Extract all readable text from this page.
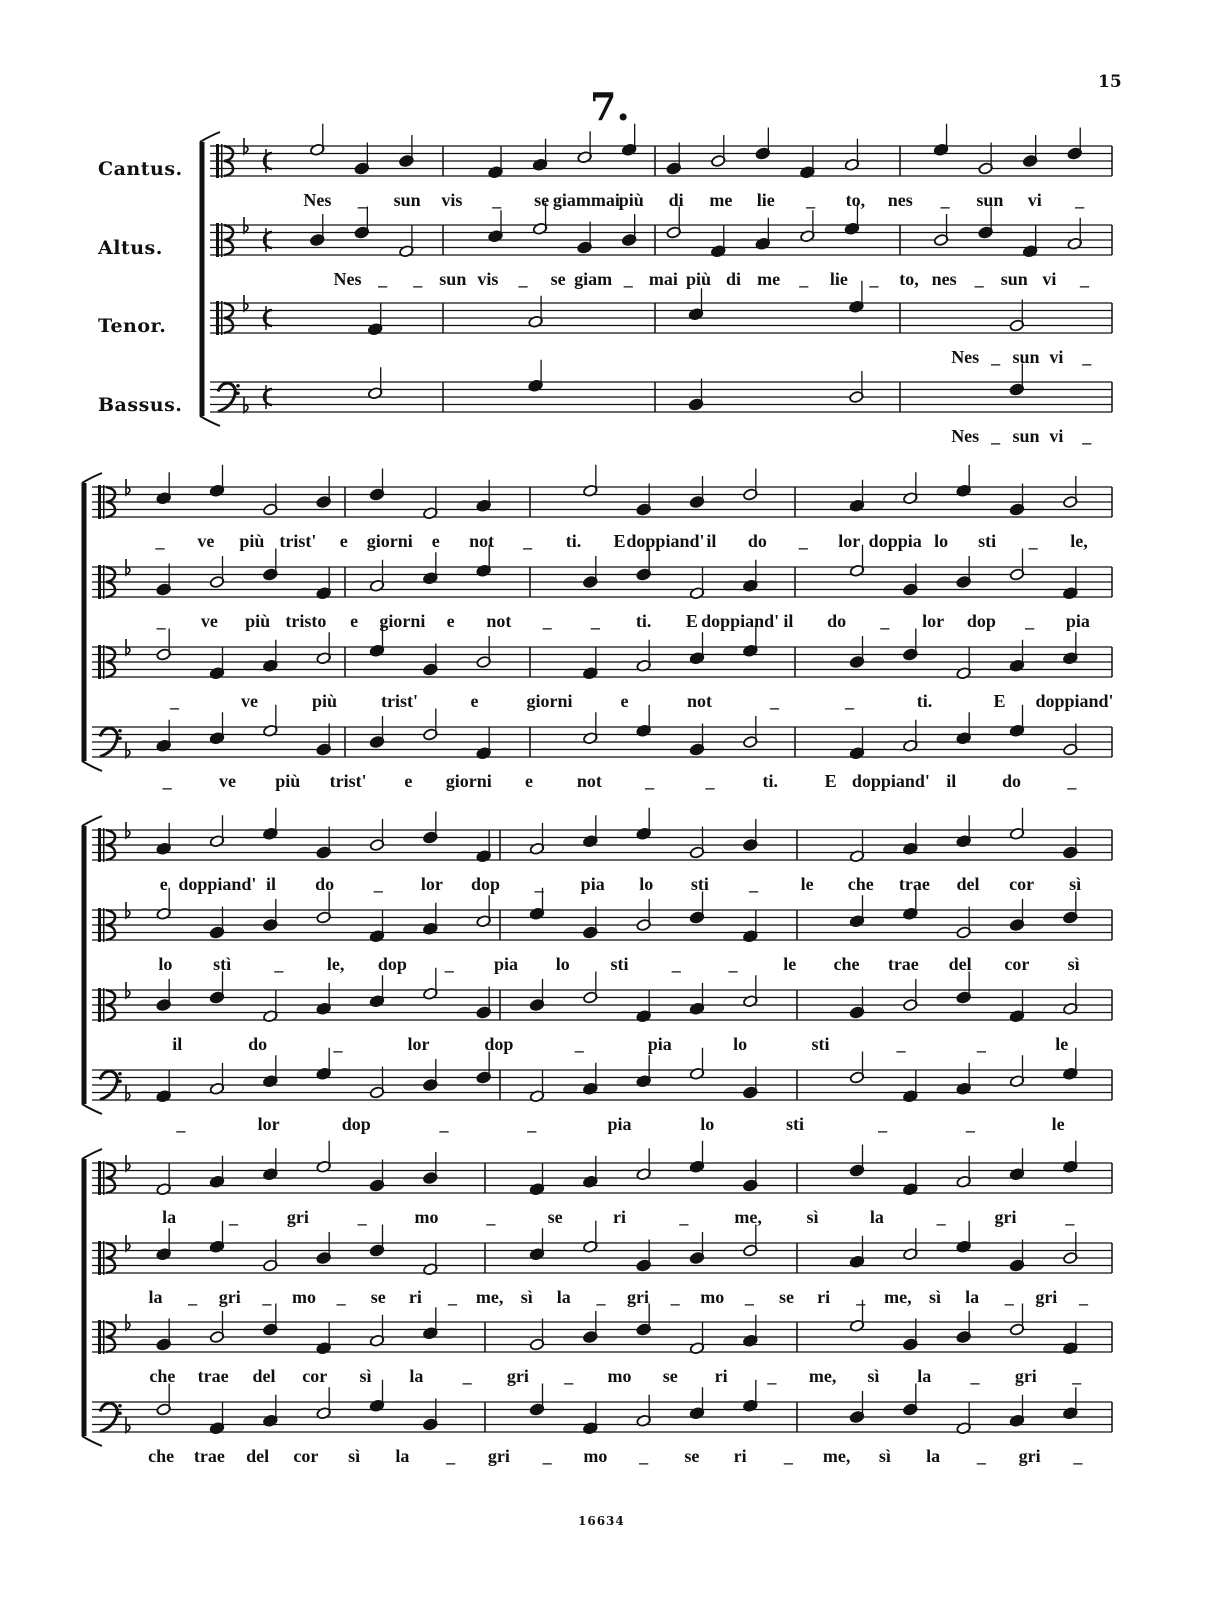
15
7.
Cantus.
Altus.
Tenor.
Bassus.
Nes _ sun vis _ se giammai
più di me lie _ to, nes _ sun vi _
Nes _ _ sun vis _ se giam _ mai più di me _ lie _ to, nes _ sun vi _
Nes _ sun vi _
Nes _ sun vi _
_ ve più trist' e giorni e not _ ti. E doppiand' il do _ lor doppia lo sti _ le,
_ ve più tristo e giorni e not _ _ ti. E doppiand' il do _ lor dop _ pia
_	ve	più trist'	e	giorni	e	not	_	_	ti.	E doppiand'
_	ve più trist' e giorni e not _	_	ti.	E doppiand' il	do	_
e doppiand' il do _ lor dop _ pia lo sti _ le che trae del cor sì
lo stì _ le, dop _ pia lo sti _	_	le che trae del cor sì
il	do	_	lor	dop	_	pia	lo	sti	_	_	le
_	lor	dop	_	_	pia	lo	sti	_	_	le
la	_	gri	_	mo	_	se	ri	_	me, sì	la	_	gri	_
la _ gri _ mo _ se ri _ me, sì la _ gri _ mo _ se ri _ me, sì la _ gri _
che trae del cor sì la _ gri _ mo se ri _ me, sì la _ gri _
che trae del cor sì la _ gri _ mo _ se ri _ me, sì la _ gri _
16634
